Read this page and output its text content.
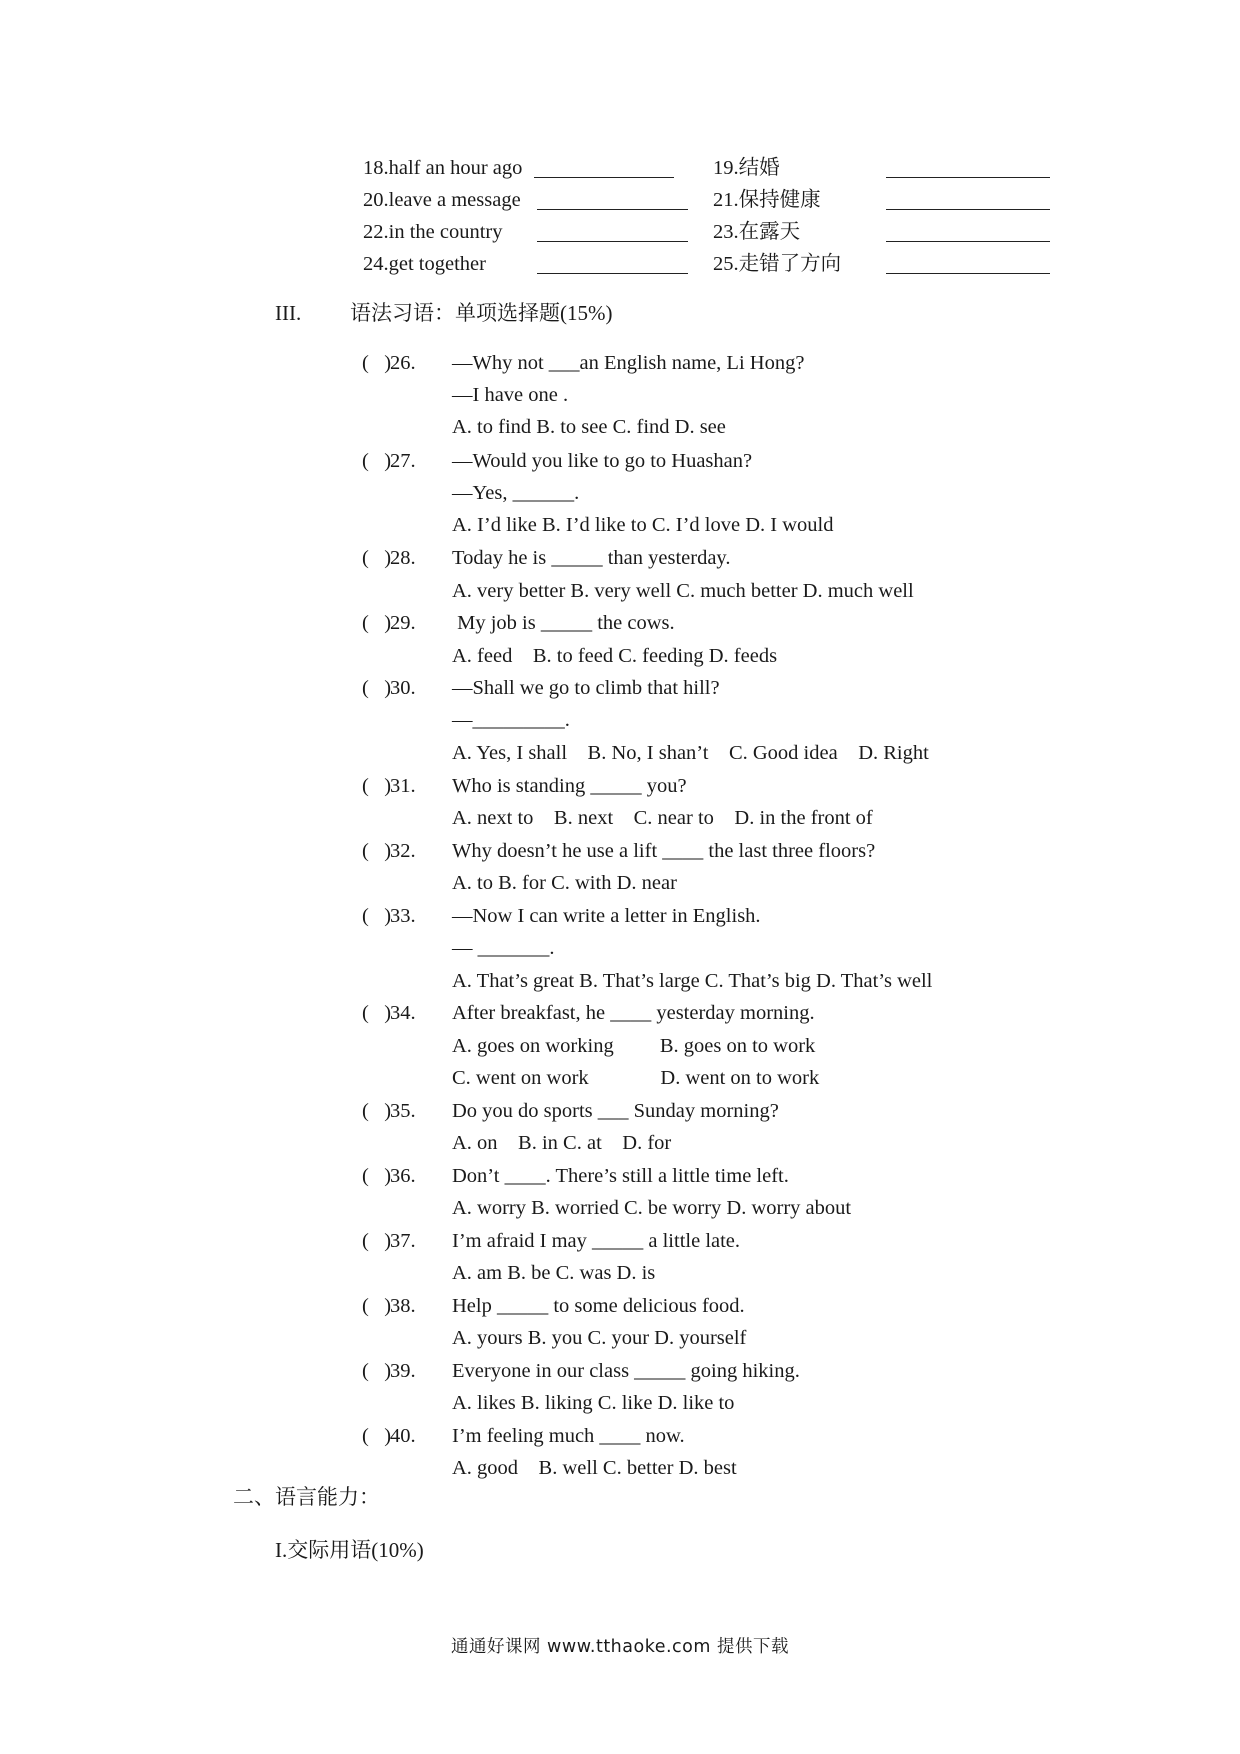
18.half an hour ago	19.结婚
20.leave a message	21.保持健康
22.in the country	23.在露天
24.get together	25.走错了方向
III. 语法习语：单项选择题(15%)
(   )
26. —Why not ___an English name, Li Hong?
—I have one .
A. to find B. to see C. find D. see
(   )
27. —Would you like to go to Huashan?
—Yes, ______.
A. I’d like B. I’d like to C. I’d love D. I would
(   )
28. Today he is _____ than yesterday.
A. very better B. very well C. much better D. much well
(   )
29. My job is _____ the cows.
A. feed    B. to feed C. feeding D. feeds
(   )
30. —Shall we go to climb that hill?
—_________.
A. Yes, I shall    B. No, I shan’t    C. Good idea    D. Right
(   )
31. Who is standing _____ you?
A. next to    B. next    C. near to    D. in the front of
(   )
32. Why doesn’t he use a lift ____ the last three floors?
A. to B. for C. with D. near
(   )
33. —Now I can write a letter in English.
— _______.
A. That’s great B. That’s large C. That’s big D. That’s well
(   )
34. After breakfast, he ____ yesterday morning.
A. goes on working         B. goes on to work
C. went on work              D. went on to work
(   )
35. Do you do sports ___ Sunday morning?
A. on    B. in C. at    D. for
(   )
36. Don’t ____. There’s still a little time left.
A. worry B. worried C. be worry D. worry about
(   )
37. I’m afraid I may _____ a little late.
A. am B. be C. was D. is
(   )
38. Help _____ to some delicious food.
A. yours B. you C. your D. yourself
(   )
39. Everyone in our class _____ going hiking.
A. likes B. liking C. like D. like to
(   )
40. I’m feeling much ____ now.
A. good    B. well C. better D. best
二、语言能力：
I.交际用语(10%)
通通好课网 www.tthaoke.com 提供下载
